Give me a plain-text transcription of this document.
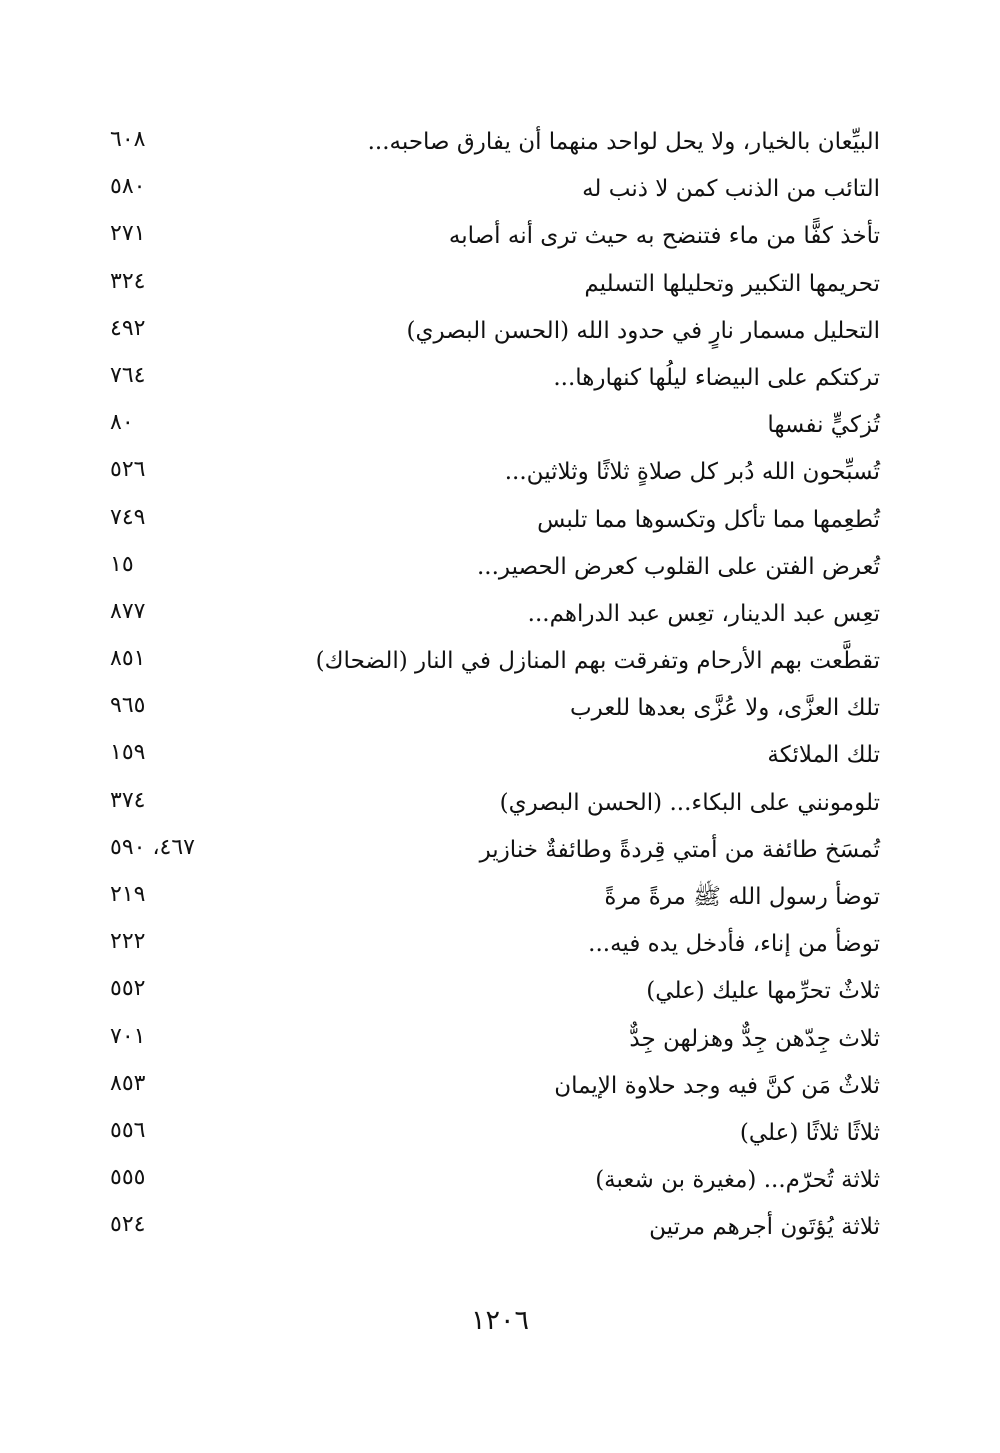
البيِّعان بالخيار، ولا يحل لواحد منهما أن يفارق صاحبه...
٦٠٨
التائب من الذنب كمن لا ذنب له
٥٨٠
تأخذ كفًّا من ماء فتنضح به حيث ترى أنه أصابه
٢٧١
تحريمها التكبير وتحليلها التسليم
٣٢٤
التحليل مسمار نارٍ في حدود الله (الحسن البصري)
٤٩٢
تركتكم على البيضاء ليلُها كنهارها...
٧٦٤
تُزكيٍّ نفسها
٨٠
تُسبِّحون الله دُبر كل صلاةٍ ثلاثًا وثلاثين...
٥٢٦
تُطعِمها مما تأكل وتكسوها مما تلبس
٧٤٩
تُعرض الفتن على القلوب كعرض الحصير...
١٥
تعِس عبد الدينار، تعِس عبد الدراهم...
٨٧٧
تقطَّعت بهم الأرحام وتفرقت بهم المنازل في النار (الضحاك)
٨٥١
تلك العزَّى، ولا عُزَّى بعدها للعرب
٩٦٥
تلك الملائكة
١٥٩
تلومونني على البكاء... (الحسن البصري)
٣٧٤
تُمسَخ طائفة من أمتي قِردةً وطائفةٌ خنازير
٤٦٧، ٥٩٠
توضأ رسول الله ﷺ مرةً مرةً
٢١٩
توضأ من إناء، فأدخل يده فيه...
٢٢٢
ثلاثٌ تحرِّمها عليك (علي)
٥٥٢
ثلاث جِدّهن جِدٌّ وهزلهن جِدٌّ
٧٠١
ثلاثٌ مَن كنَّ فيه وجد حلاوة الإيمان
٨٥٣
ثلاثًا ثلاثًا (علي)
٥٥٦
ثلاثة تُحرّم... (مغيرة بن شعبة)
٥٥٥
ثلاثة يُؤتَون أجرهم مرتين
٥٢٤
١٢٠٦
